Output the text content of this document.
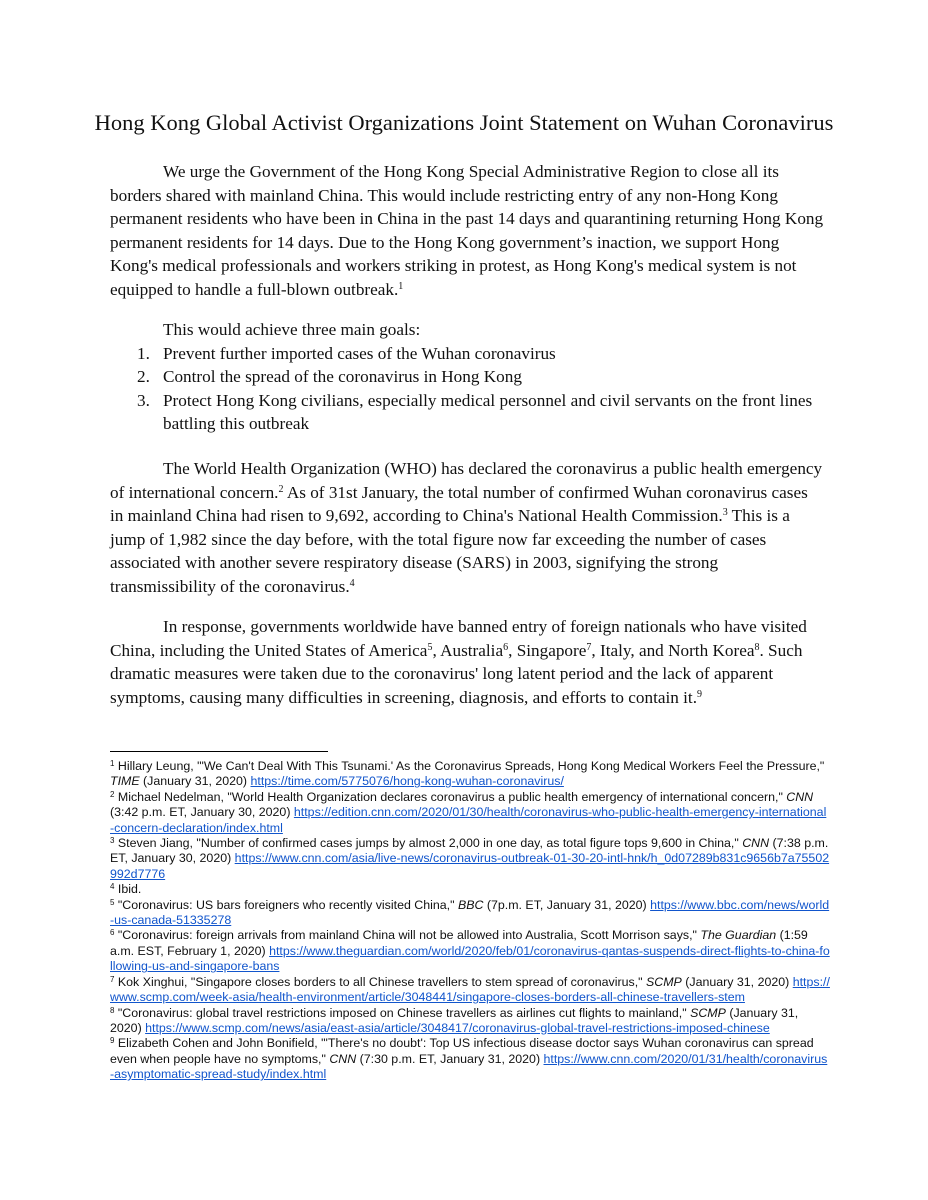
Hong Kong Global Activist Organizations Joint Statement on Wuhan Coronavirus

We urge the Government of the Hong Kong Special Administrative Region to close all its borders shared with mainland China. This would include restricting entry of any non-Hong Kong permanent residents who have been in China in the past 14 days and quarantining returning Hong Kong permanent residents for 14 days. Due to the Hong Kong government’s inaction, we support Hong Kong's medical professionals and workers striking in protest, as Hong Kong's medical system is not equipped to handle a full-blown outbreak.$^1$

This would achieve three main goals:

1. Prevent further imported cases of the Wuhan coronavirus
2. Control the spread of the coronavirus in Hong Kong
3. Protect Hong Kong civilians, especially medical personnel and civil servants on the front lines battling this outbreak

The World Health Organization (WHO) has declared the coronavirus a public health emergency of international concern.$^2$ As of 31st January, the total number of confirmed Wuhan coronavirus cases in mainland China had risen to 9,692, according to China's National Health Commission.$^3$ This is a jump of 1,982 since the day before, with the total figure now far exceeding the number of cases associated with another severe respiratory disease (SARS) in 2003, signifying the strong transmissibility of the coronavirus.$^4$

In response, governments worldwide have banned entry of foreign nationals who have visited China, including the United States of America$^5$, Australia$^6$, Singapore$^7$, Italy, and North Korea$^8$. Such dramatic measures were taken due to the coronavirus' long latent period and the lack of apparent symptoms, causing many difficulties in screening, diagnosis, and efforts to contain it.$^9$

$^1$ Hillary Leung, "'We Can't Deal With This Tsunami.' As the Coronavirus Spreads, Hong Kong Medical Workers Feel the Pressure," TIME (January 31, 2020) https://time.com/5775076/hong-kong-wuhan-coronavirus/

$^2$ Michael Nedelman, "World Health Organization declares coronavirus a public health emergency of international concern," CNN (3:42 p.m. ET, January 30, 2020) https://edition.cnn.com/2020/01/30/health/coronavirus-who-public-health-emergency-international-concern-declaration/index.html

$^3$ Steven Jiang, "Number of confirmed cases jumps by almost 2,000 in one day, as total figure tops 9,600 in China," CNN (7:38 p.m. ET, January 30, 2020) https://www.cnn.com/asia/live-news/coronavirus-outbreak-01-30-20-intl-hnk/h_0d07289b831c9656b7a75502992d7776

$^4$ Ibid.

$^5$ "Coronavirus: US bars foreigners who recently visited China," BBC (7p.m. ET, January 31, 2020) https://www.bbc.com/news/world-us-canada-51335278

$^6$ "Coronavirus: foreign arrivals from mainland China will not be allowed into Australia, Scott Morrison says," The Guardian (1:59 a.m. EST, February 1, 2020) https://www.theguardian.com/world/2020/feb/01/coronavirus-qantas-suspends-direct-flights-to-china-following-us-and-singapore-bans

$^7$ Kok Xinghui, "Singapore closes borders to all Chinese travellers to stem spread of coronavirus," SCMP (January 31, 2020) https://www.scmp.com/week-asia/health-environment/article/3048441/singapore-closes-borders-all-chinese-travellers-stem

$^8$ "Coronavirus: global travel restrictions imposed on Chinese travellers as airlines cut flights to mainland," SCMP (January 31, 2020) https://www.scmp.com/news/asia/east-asia/article/3048417/coronavirus-global-travel-restrictions-imposed-chinese

$^9$ Elizabeth Cohen and John Bonifield, "'There's no doubt': Top US infectious disease doctor says Wuhan coronavirus can spread even when people have no symptoms," CNN (7:30 p.m. ET, January 31, 2020) https://www.cnn.com/2020/01/31/health/coronavirus-asymptomatic-spread-study/index.html
